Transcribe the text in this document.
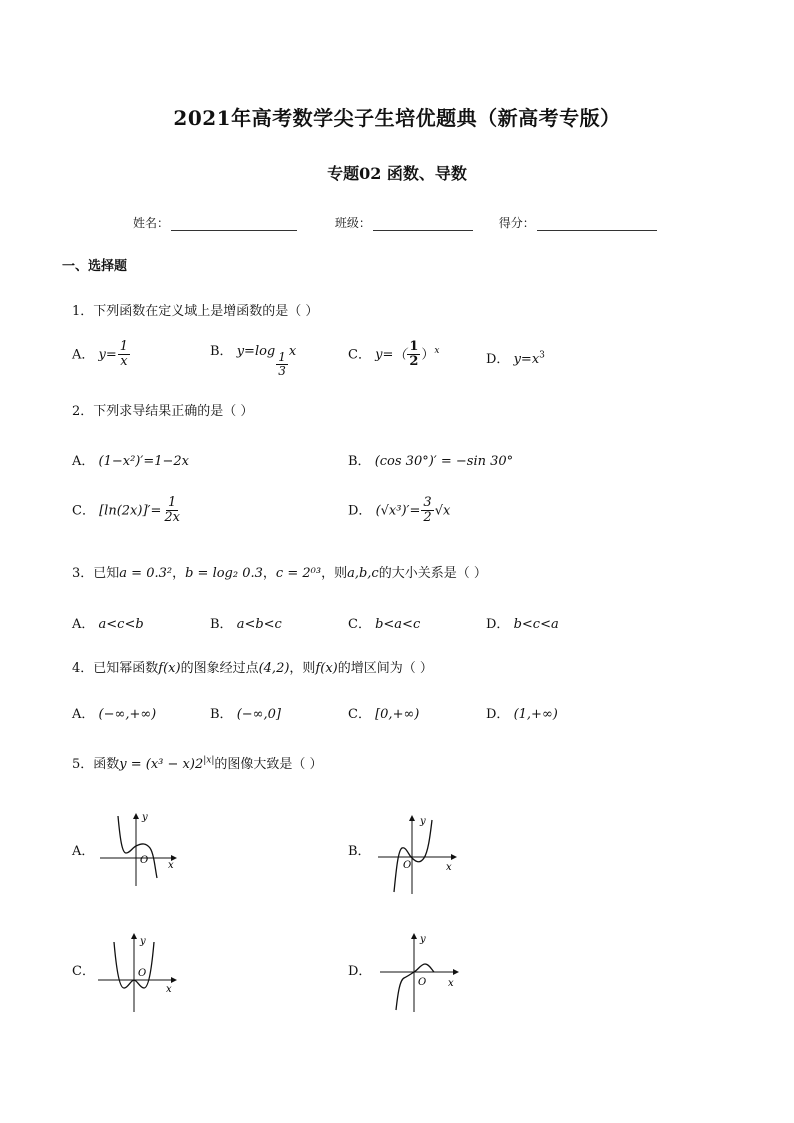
2021年高考数学尖子生培优题典（新高考专版）
专题02 函数、导数
姓名：	班级：	得分：
一、选择题
1．下列函数在定义域上是增函数的是（ ）
A． $y= \frac{1}{x}$	B． $y=\log \frac{1}{3}$ x	C． $y=( \frac{1}{2} )^x$
D． $y=x^3$
2．下列求导结果正确的是（ ）
A． (1−x²)′=1−2x	B． (cos 30°)′ = −sin 30°
C． $[\ln(2x)]'= \frac{1}{2x}$	D． $(√x^3)'= \frac{3}{2} √x$
3．已知a = 0.3²，b = log₂ 0.3，c = 2⁰³，则a,b,c的大小关系是（ ）
A． a<c<b	B． a<b<c	C． b<a<c	D． b<c<a
4．已知幂函数f(x)的图象经过点(4,2)，则f(x)的增区间为（ ）
A． (−∞,+∞)	B． (−∞,0]	C． [0,+∞)	D． (1,+∞)
5．函数$y = (x^3 - x)2^{|x|}$的图像大致是（ ）
A．	B．
C．	D．
y
x
O
y
x
O
y
x
O
y
x
O
